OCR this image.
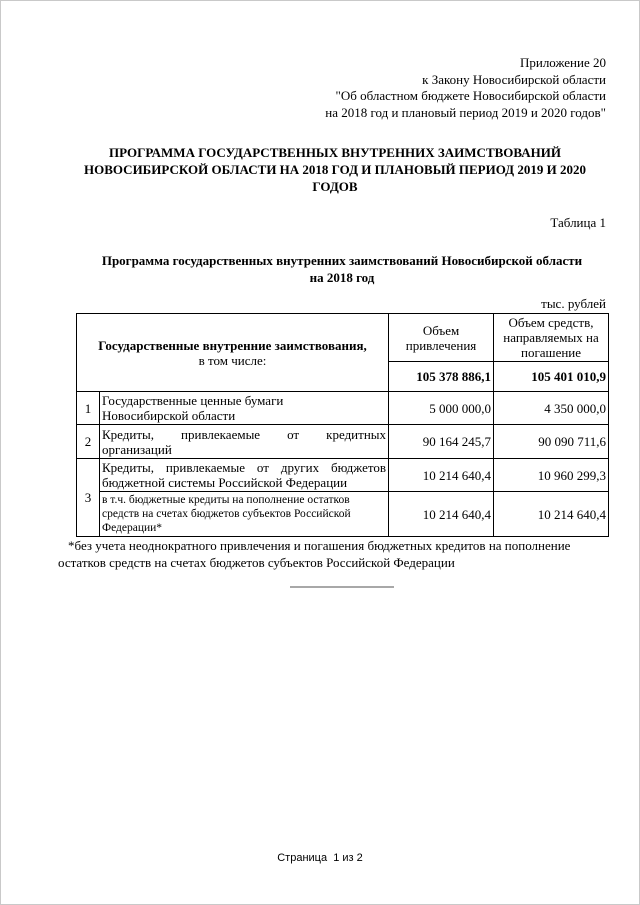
Приложение 20
к Закону Новосибирской области
"Об областном бюджете Новосибирской области
на 2018 год и плановый период 2019 и 2020 годов"
ПРОГРАММА ГОСУДАРСТВЕННЫХ ВНУТРЕННИХ ЗАИМСТВОВАНИЙ
НОВОСИБИРСКОЙ ОБЛАСТИ НА 2018 ГОД И ПЛАНОВЫЙ ПЕРИОД 2019 И 2020
ГОДОВ
Таблица 1
Программа государственных внутренних заимствований Новосибирской области
на 2018 год
тыс. рублей
Государственные внутренние заимствования,
в том числе:		Объем привлечения	Объем средств, направляемых на погашение
		105 378 886,1	105 401 010,9
1	Государственные ценные бумаги Новосибирской области	5 000 000,0	4 350 000,0
2	Кредиты, привлекаемые от кредитных организаций	90 164 245,7	90 090 711,6
3	Кредиты, привлекаемые от других бюджетов бюджетной системы Российской Федерации	10 214 640,4	10 960 299,3
	в т.ч. бюджетные кредиты на пополнение остатков средств на счетах бюджетов субъектов Российской Федерации*	10 214 640,4	10 214 640,4
*без учета неоднократного привлечения и погашения бюджетных кредитов на пополнение остатков средств на счетах бюджетов субъектов Российской Федерации
Страница  1 из 2
